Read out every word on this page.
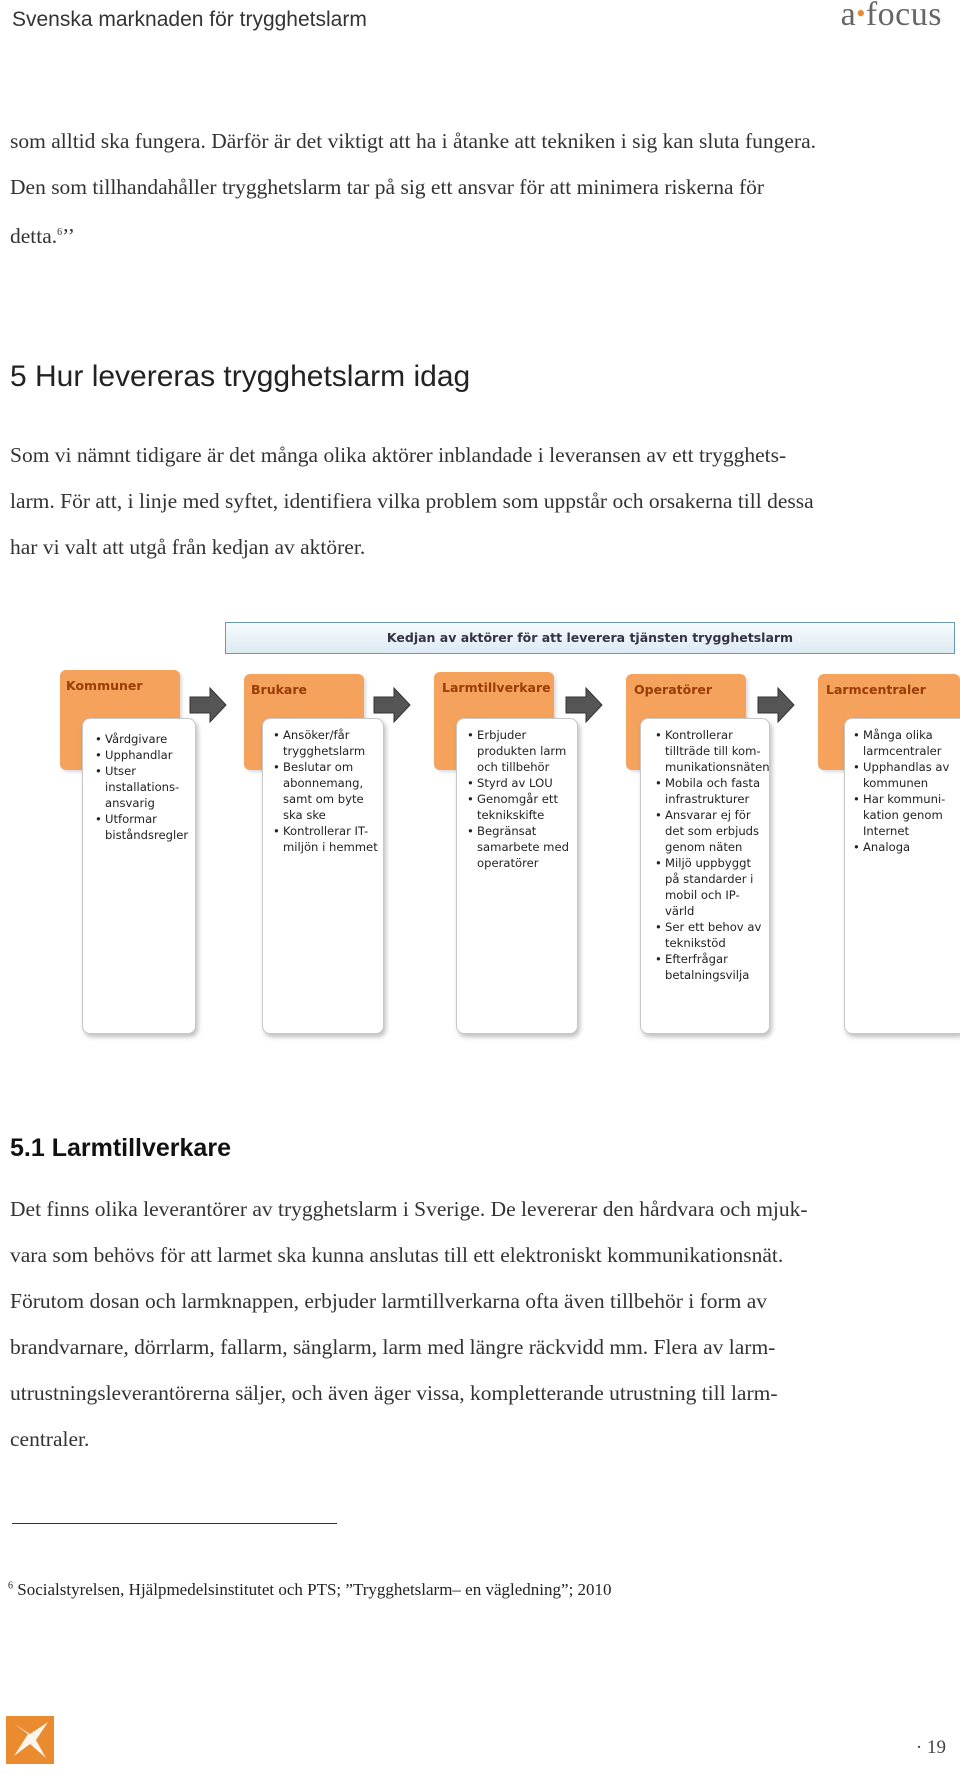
Svenska marknaden för trygghetslarm	a•focus

som alltid ska fungera. Därför är det viktigt att ha i åtanke att tekniken i sig kan sluta fungera.

Den som tillhandahåller trygghetslarm tar på sig ett ansvar för att minimera riskerna för

detta.$^6$’’

5 Hur levereras trygghetslarm idag

Som vi nämnt tidigare är det många olika aktörer inblandade i leveransen av ett trygghets-

larm. För att, i linje med syftet, identifiera vilka problem som uppstår och orsakerna till dessa

har vi valt att utgå från kedjan av aktörer.

Kedjan av aktörer för att leverera tjänsten trygghetslarm
Kommuner
• Vårdgivare
• Upphandlar
• Utser installations-ansvarig
• Utformar biståndsregler
Brukare
• Ansöker/får trygghetslarm
• Beslutar om abonnemang, samt om byte ska ske
• Kontrollerar IT-miljön i hemmet
Larmtillverkare
• Erbjuder produkten larm och tillbehör
• Styrd av LOU
• Genomgår ett teknikskifte
• Begränsat samarbete med operatörer
Operatörer
• Kontrollerar tillträde till kom-munikationsnäten
• Mobila och fasta infrastrukturer
• Ansvarar ej för det som erbjuds genom näten
• Miljö uppbyggt på standarder i mobil och IP-värld
• Ser ett behov av teknikstöd
• Efterfrågar betalningsvilja
Larmcentraler
• Många olika larmcentraler
• Upphandlas av kommunen
• Har kommuni-kation genom Internet
• Analoga
5.1 Larmtillverkare

Det finns olika leverantörer av trygghetslarm i Sverige. De levererar den hårdvara och mjuk-

vara som behövs för att larmet ska kunna anslutas till ett elektroniskt kommunikationsnät.

Förutom dosan och larmknappen, erbjuder larmtillverkarna ofta även tillbehör i form av

brandvarnare, dörrlarm, fallarm, sänglarm, larm med längre räckvidd mm. Flera av larm-

utrustningsleverantörerna säljer, och även äger vissa, kompletterande utrustning till larm-

centraler.

$^6$ Socialstyrelsen, Hjälpmedelsinstitutet och PTS; ”Trygghetslarm– en vägledning”; 2010
· 19
